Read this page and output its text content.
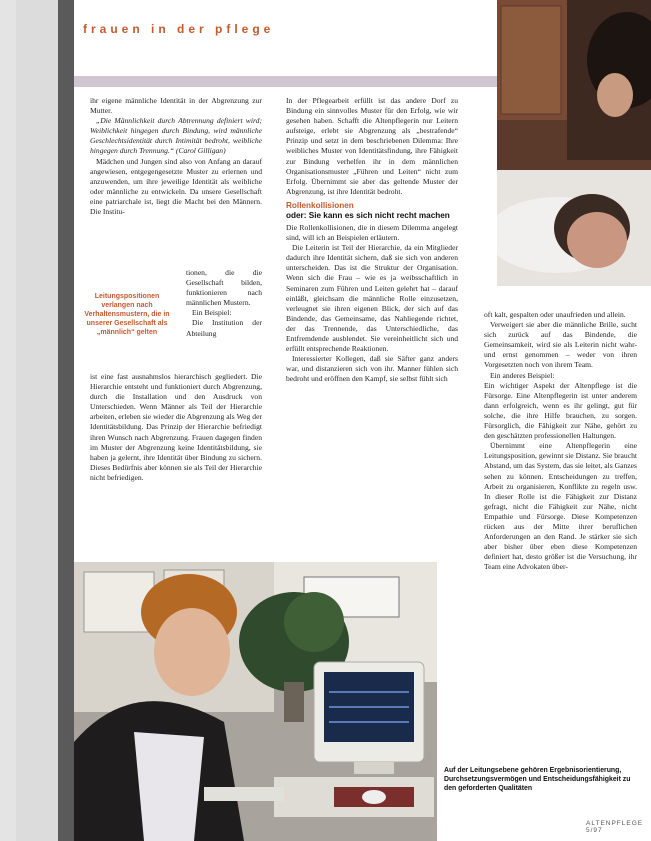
frauen in der pflege

ihr eigene männliche Identität in der Abgrenzung zur Mutter.

„Die Männlichkeit durch Abtrennung definiert wird; Weiblichkeit hingegen durch Bindung, wird männliche Geschlechtsidentität durch Intimität bedroht, weibliche hingegen durch Trennung.“ (Carol Gilligan)

Mädchen und Jungen sind also von Anfang an darauf angewiesen, entgegengesetzte Muster zu erlernen und anzuwenden, um ihre jeweilige Identität als weibliche oder männliche zu entwickeln. Da unsere Gesellschaft eine patriarchale ist, liegt die Macht bei den Männern. Die Institu-

Leitungspositionen verlangen nach Verhaltensmustern, die in unserer Gesellschaft als „männlich“ gelten

tionen, die die Gesellschaft bilden, funktionieren nach männlichen Mustern.

Ein Beispiel:

Die Institution der Abteilung

ist eine fast ausnahmslos hierarchisch gegliedert. Die Hierarchie entsteht und funktioniert durch Abgrenzung, durch die Installation und den Ausdruck von Unterschieden. Wenn Männer als Teil der Hierarchie arbeiten, erleben sie wieder die Abgrenzung als Weg der Identitätsbildung. Das Prinzip der Hierarchie befriedigt ihren Wunsch nach Abgrenzung. Frauen dagegen finden im Muster der Abgrenzung keine Identitätsbildung, sie haben ja gelernt, ihre Identität über Bindung zu sichern. Dieses Bedürfnis aber können sie als Teil der Hierarchie nicht befriedigen.

In der Pflegearbeit erfüllt ist das andere Dorf zu Bindung ein sinnvolles Muster für den Erfolg, wie wir gesehen haben. Schafft die Altenpflegerin nur Leitern aufsteige, erlebt sie Abgrenzung als „bestrafende“ Prinzip und setzt in dem beschriebenen Dilemma: Ihre weibliches Muster von Identitätsfindung, ihre Fähigkeit zur Bindung verhelfen ihr in dem männlichen Organisationsmuster „Führen und Leiten“ nicht zum Erfolg. Übernimmt sie aber das geltende Muster der Abgrenzung, ist ihre Identität bedroht.

Rollenkollisionen
oder: Sie kann es sich nicht recht machen

Die Rollenkollisionen, die in diesem Dilemma angelegt sind, will ich an Beispielen erläutern.

Die Leiterin ist Teil der Hierarchie, da ein Mitglieder dadurch ihre Identität sichern, daß sie sich von anderen unterscheiden. Das ist die Struktur der Organisation. Wenn sich die Frau – wie es ja weibsschaftlich in Seminaren zum Führen und Leiten gelehrt hat – darauf einläßt, gleichsam die männliche Rolle einzusetzen, verleugnet sie ihren eigenen Blick, der sich auf das Bindende, das Gemeinsame, das Nahliegende richtet, der das Trennende, das Unterschiedliche, das Entfremdende ausblendet. Sie vereinheitlicht sich und erfüllt entsprechende Reaktionen.

Interessierter Kollegen, daß sie Säfter ganz anders war, und distanzieren sich von ihr. Manner fühlen sich bedroht und eröffnen den Kampf, sie selbst fühlt sich

oft kalt, gespalten oder unaufrieden und allein.

Verweigert sie aber die männliche Brille, sucht sich zurück auf das Bindende, die Gemeinsamkeit, wird sie als Leiterin nicht wahr- und ernst genommen – weder von ihren Vorgesetzten noch von ihrem Team.

Ein anderes Beispiel:

Ein wichtiger Aspekt der Altenpflege ist die Fürsorge. Eine Altenpflegerin ist unter anderem dann erfolgreich, wenn es ihr gelingt, gut für solche, die ihre Hilfe brauchen, zu sorgen. Fürsorglich, die Fähigkeit zur Nähe, gehört zu den geschätzten professionellen Haltungen.

Übernimmt eine Altenpflegerin eine Leitungsposition, gewinnt sie Distanz. Sie braucht Abstand, um das System, das sie leitet, als Ganzes sehen zu können. Entscheidungen zu treffen, Arbeit zu organisieren, Konflikte zu regeln usw. In dieser Rolle ist die Fähigkeit zur Distanz gefragt, nicht die Fähigkeit zur Nähe, nicht Empathie und Fürsorge. Diese Kompetenzen rücken aus der Mitte ihrer beruflichen Anforderungen an den Rand. Je stärker sie sich aber bisher über eben diese Kompetenzen definiert hat, desto größer ist die Versuchung, ihr Team eine Advokaten über-

Auf der Leitungsebene gehören Ergebnisorientierung, Durchsetzungsvermögen und Entscheidungsfähigkeit zu den geforderten Qualitäten
ALTENPFLEGE 5/97
